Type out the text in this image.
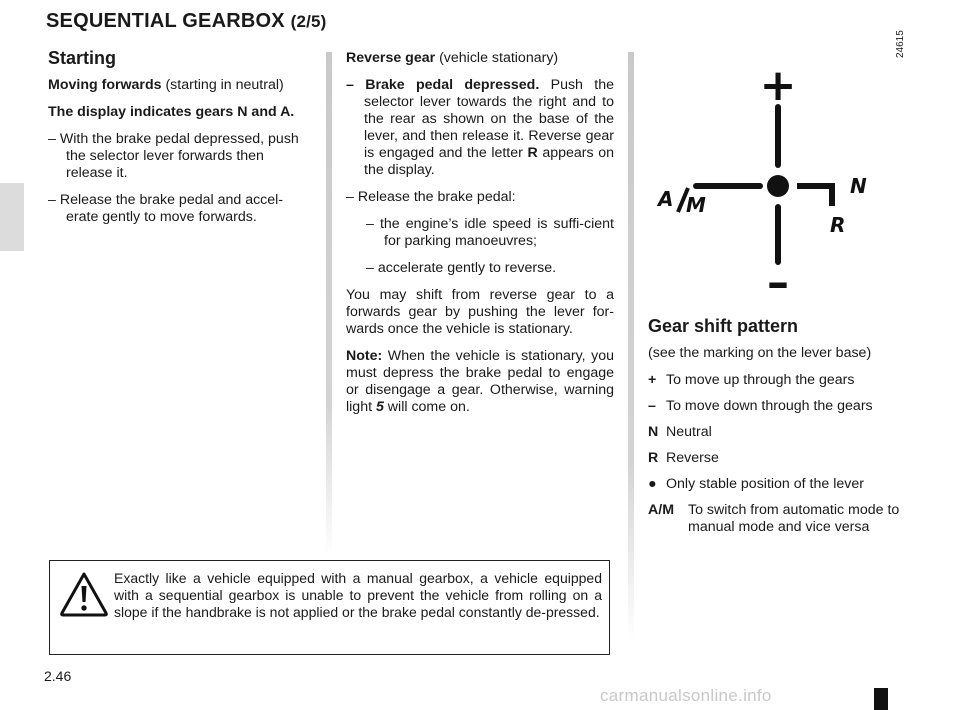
SEQUENTIAL GEARBOX (2/5)
Starting

Moving forwards (starting in neutral)

The display indicates gears N and A.

– With the brake pedal depressed, push the selector lever forwards then release it.

– Release the brake pedal and accel-erate gently to move forwards.

Reverse gear (vehicle stationary)

– Brake pedal depressed. Push the selector lever towards the right and to the rear as shown on the base of the lever, and then release it. Reverse gear is engaged and the letter R appears on the display.

– Release the brake pedal:

– the engine’s idle speed is suffi-cient for parking manoeuvres;

– accelerate gently to reverse.

You may shift from reverse gear to a forwards gear by pushing the lever for-wards once the vehicle is stationary.

Note: When the vehicle is stationary, you must depress the brake pedal to engage or disengage a gear. Otherwise, warning light 5 will come on.

24615
+
–
A M
N
R
Gear shift pattern

(see the marking on the lever base)

+ To move up through the gears
– To move down through the gears
N Neutral
R Reverse
● Only stable position of the lever
A/M To switch from automatic mode to manual mode and vice versa
Exactly like a vehicle equipped with a manual gearbox, a vehicle equipped with a sequential gearbox is unable to prevent the vehicle from rolling on a slope if the handbrake is not applied or the brake pedal constantly de-pressed.
2.46
carmanualsonline.info
